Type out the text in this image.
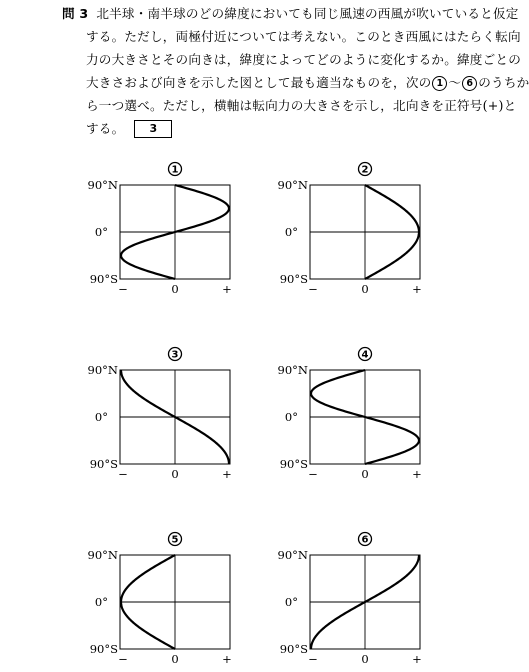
問 3 北半球・南半球のどの緯度においても同じ風速の西風が吹いていると仮定
する。ただし，両極付近については考えない。このとき西風にはたらく転向
力の大きさとその向きは，緯度によってどのように変化するか。緯度ごとの
大きさおよび向きを示した図として最も適当なものを，次の 1 ～ 6 のうちか
ら一つ選べ。ただし，横軸は転向力の大きさを示し，北向きを正符号(+)と
する。 3
1
90°N
0°
90°S
−	0	+
2
90°N
0°
90°S
−	0	+
3
90°N
0°
90°S
−	0	+
4
90°N
0°
90°S
−	0	+
5
90°N
0°
90°S
−	0	+
6
90°N
0°
90°S
−	0	+
